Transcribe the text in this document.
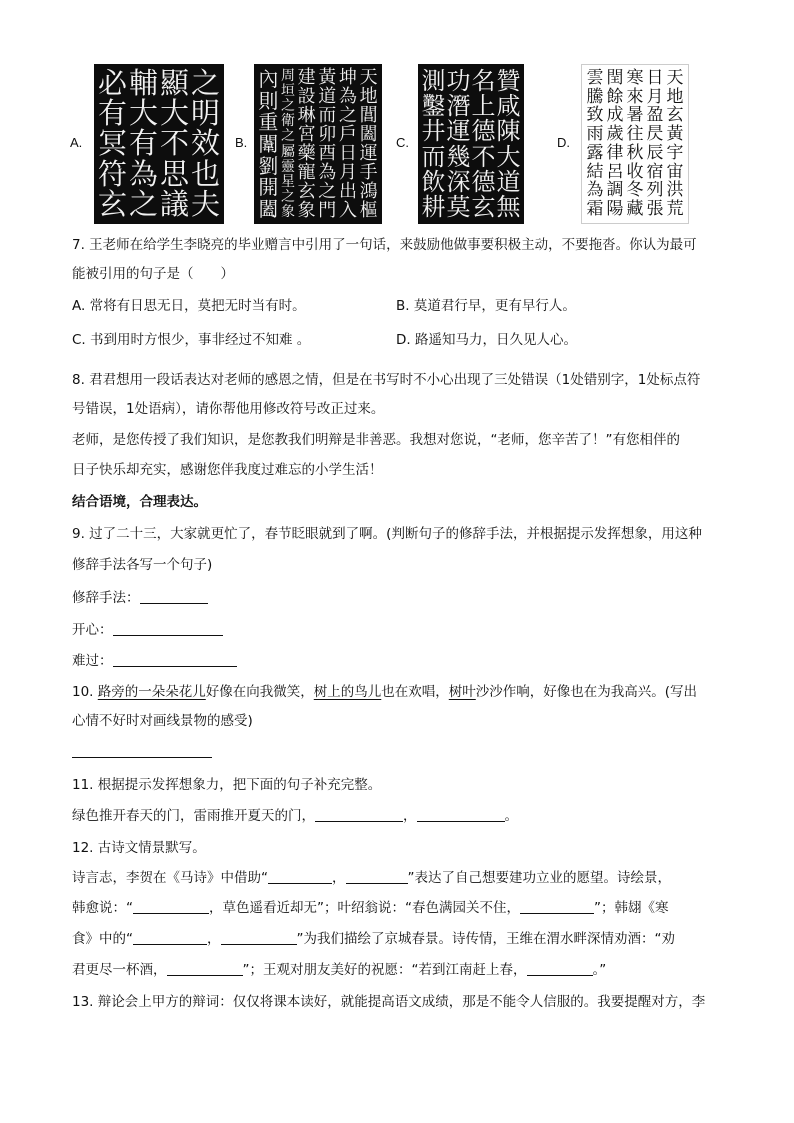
A.
之
明
效
也
夫
顯
大
不
思
議
輔
大
有
為
之
必
有
冥
符
玄
B.
天
地
閶
闔
運
手
鴻
樞
坤
為
之
戶
日
月
出
入
黃
道
而
卯
酉
為
之
門
建
設
琳
宮
藥
寵
玄
象
周
垣
之
衛
之
屬
靈
星
之
象
內
則
重
闈
劉
開
闔
C.
贊
咸
陳
大
道
無
名
上
德
不
德
玄
功
潛
運
幾
深
莫
測
鑿
井
而
飲
耕
D.
天
地
玄
黃
宇
宙
洪
荒
日
月
盈
昃
辰
宿
列
張
寒
來
暑
往
秋
收
冬
藏
閏
餘
成
歲
律
呂
調
陽
雲
騰
致
雨
露
結
為
霜
7. 王老师在给学生李晓亮的毕业赠言中引用了一句话，来鼓励他做事要积极主动，不要拖沓。你认为最可
能被引用的句子是（　　）
A. 常将有日思无日，莫把无时当有时。	B. 莫道君行早，更有早行人。
C. 书到用时方恨少，事非经过不知难 。	D. 路遥知马力，日久见人心。
8. 君君想用一段话表达对老师的感恩之情，但是在书写时不小心出现了三处错误（1处错别字，1处标点符
号错误，1处语病），请你帮他用修改符号改正过来。
老师，是您传授了我们知识，是您教我们明辩是非善恶。我想对您说，“老师，您辛苦了！”有您相伴的
日子快乐却充实，感谢您伴我度过难忘的小学生活！
结合语境，合理表达。
9. 过了二十三，大家就更忙了，春节眨眼就到了啊。(判断句子的修辞手法，并根据提示发挥想象，用这种
修辞手法各写一个句子)
修辞手法：
开心：
难过：
10. 路旁的一朵朵花儿好像在向我微笑，树上的鸟儿也在欢唱，树叶沙沙作响，好像也在为我高兴。(写出
心情不好时对画线景物的感受)
11. 根据提示发挥想象力，把下面的句子补充完整。
绿色推开春天的门，雷雨推开夏天的门，	，	。
12. 古诗文情景默写。
诗言志，李贺在《马诗》中借助“	，	”表达了自己想要建功立业的愿望。诗绘景，
韩愈说：“	，草色遥看近却无”；叶绍翁说：“春色满园关不住，	”；韩翃《寒
食》中的“	，	”为我们描绘了京城春景。诗传情，王维在渭水畔深情劝酒：“劝
君更尽一杯酒，	”；王观对朋友美好的祝愿：“若到江南赶上春，	。”
13. 辩论会上甲方的辩词：仅仅将课本读好，就能提高语文成绩，那是不能令人信服的。我要提醒对方，李
